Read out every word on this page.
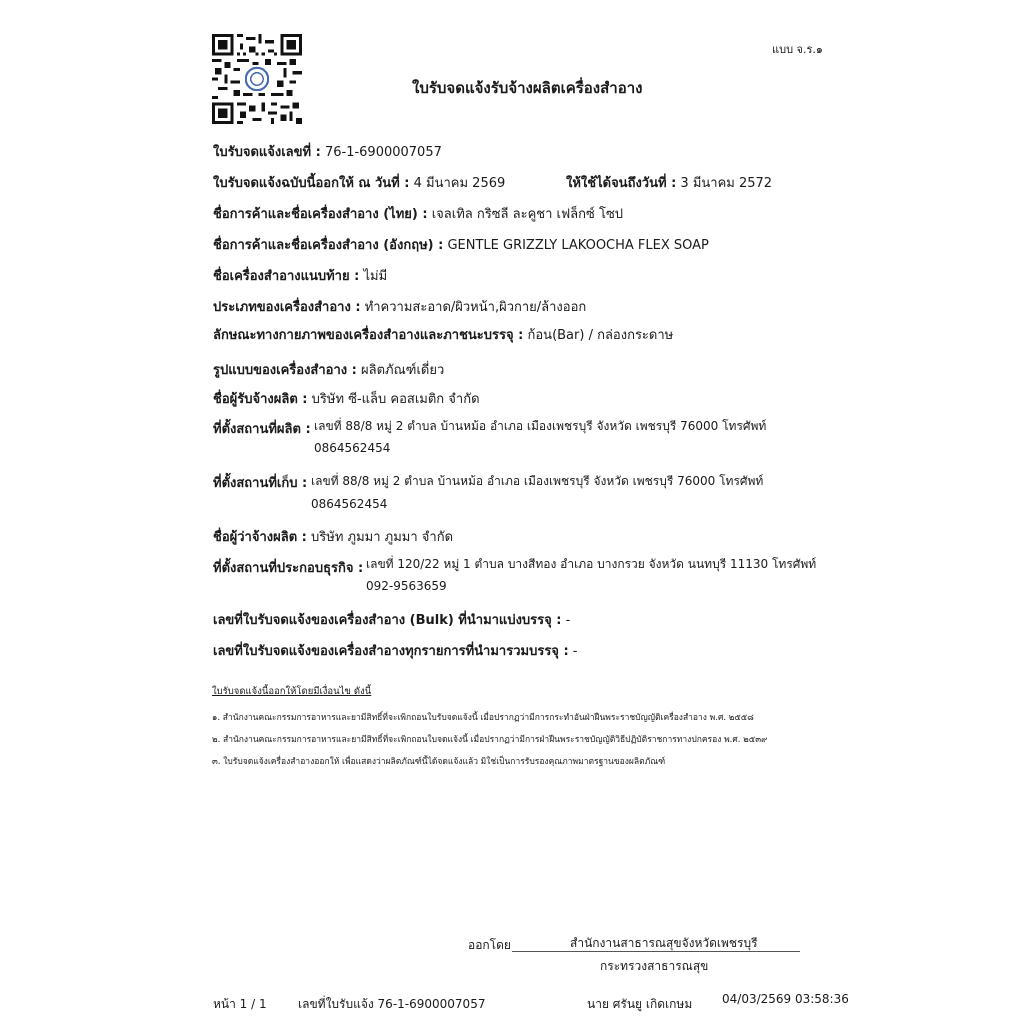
แบบ จ.ร.๑
ใบรับจดแจ้งรับจ้างผลิตเครื่องสำอาง
ใบรับจดแจ้งเลขที่ : 76-1-6900007057
ใบรับจดแจ้งฉบับนี้ออกให้ ณ วันที่ : 4 มีนาคม 2569	ให้ใช้ได้จนถึงวันที่ : 3 มีนาคม 2572
ชื่อการค้าและชื่อเครื่องสำอาง (ไทย) : เจลเทิล กริซลี ละคูชา เฟล็กซ์ โซป
ชื่อการค้าและชื่อเครื่องสำอาง (อังกฤษ) : GENTLE GRIZZLY LAKOOCHA FLEX SOAP
ชื่อเครื่องสำอางแนบท้าย : ไม่มี
ประเภทของเครื่องสำอาง : ทำความสะอาด/ผิวหน้า,ผิวกาย/ล้างออก
ลักษณะทางกายภาพของเครื่องสำอางและภาชนะบรรจุ : ก้อน(Bar) / กล่องกระดาษ
รูปแบบของเครื่องสำอาง : ผลิตภัณฑ์เดี่ยว
ชื่อผู้รับจ้างผลิต : บริษัท ซี-แล็บ คอสเมติก จำกัด
ที่ตั้งสถานที่ผลิต : เลขที่ 88/8 หมู่ 2 ตำบล บ้านหม้อ อำเภอ เมืองเพชรบุรี จังหวัด เพชรบุรี 76000 โทรศัพท์
0864562454
ที่ตั้งสถานที่เก็บ : เลขที่ 88/8 หมู่ 2 ตำบล บ้านหม้อ อำเภอ เมืองเพชรบุรี จังหวัด เพชรบุรี 76000 โทรศัพท์
0864562454
ชื่อผู้ว่าจ้างผลิต : บริษัท ภูมมา ภูมมา จำกัด
ที่ตั้งสถานที่ประกอบธุรกิจ : เลขที่ 120/22 หมู่ 1 ตำบล บางสีทอง อำเภอ บางกรวย จังหวัด นนทบุรี 11130 โทรศัพท์
092-9563659
เลขที่ใบรับจดแจ้งของเครื่องสำอาง (Bulk) ที่นำมาแบ่งบรรจุ : -
เลขที่ใบรับจดแจ้งของเครื่องสำอางทุกรายการที่นำมารวมบรรจุ : -
ใบรับจดแจ้งนี้ออกให้โดยมีเงื่อนไข ดังนี้
๑. สำนักงานคณะกรรมการอาหารและยามีสิทธิ์ที่จะเพิกถอนใบรับจดแจ้งนี้ เมื่อปรากฏว่ามีการกระทำอันฝ่าฝืนพระราชบัญญัติเครื่องสำอาง พ.ศ. ๒๕๕๘
๒. สำนักงานคณะกรรมการอาหารและยามีสิทธิ์ที่จะเพิกถอนใบจดแจ้งนี้ เมื่อปรากฏว่ามีการฝ่าฝืนพระราชบัญญัติวิธีปฏิบัติราชการทางปกครอง พ.ศ. ๒๕๓๙
๓. ใบรับจดแจ้งเครื่องสำอางออกให้ เพื่อแสดงว่าผลิตภัณฑ์นี้ได้จดแจ้งแล้ว มิใช่เป็นการรับรองคุณภาพมาตรฐานของผลิตภัณฑ์
ออกโดย	สำนักงานสาธารณสุขจังหวัดเพชรบุรี
กระทรวงสาธารณสุข
หน้า 1 / 1	เลขที่ใบรับแจ้ง 76-1-6900007057	นาย ศรันยู เกิดเกษม 04/03/2569 03:58:36
